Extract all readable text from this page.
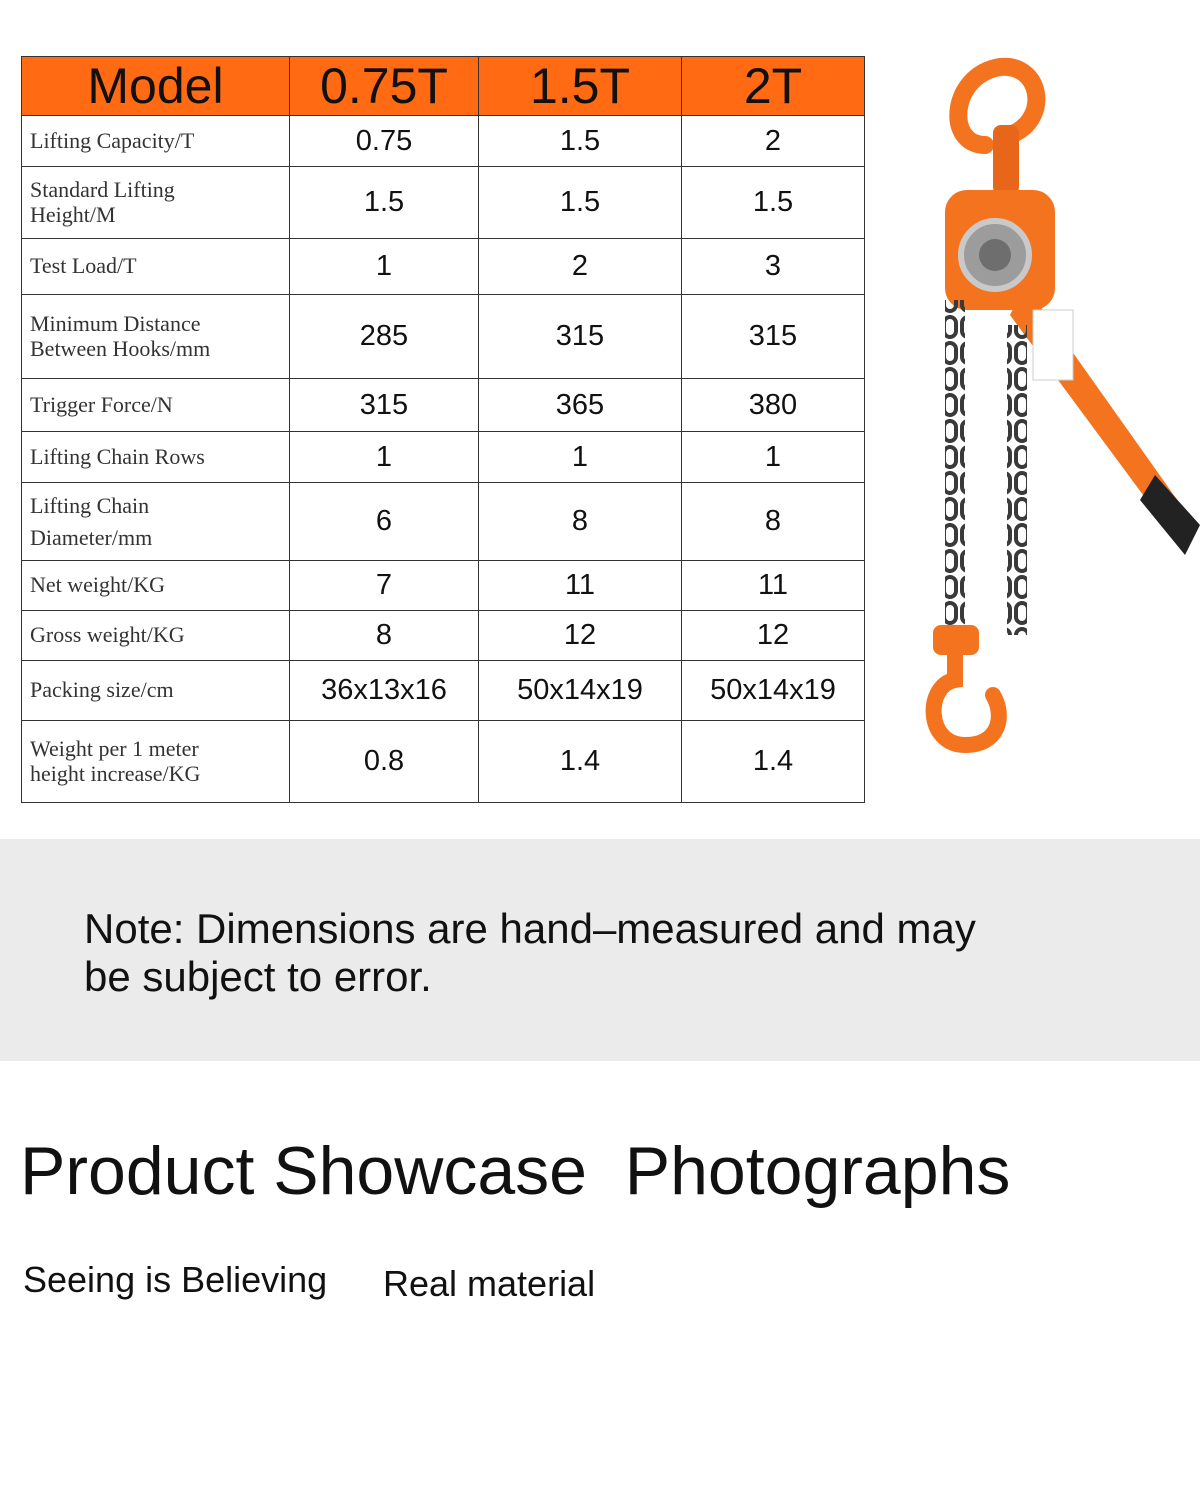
Model	0.75T	1.5T	2T
Lifting Capacity/T	0.75	1.5	2
Standard Lifting Height/M	1.5	1.5	1.5
Test Load/T	1	2	3
Minimum Distance Between Hooks/mm	285	315	315
Trigger Force/N	315	365	380
Lifting Chain Rows	1	1	1
Lifting Chain Diameter/mm	6	8	8
Net weight/KG	7	11	11
Gross weight/KG	8	12	12
Packing size/cm	36x13x16	50x14x19	50x14x19
Weight per 1 meter height increase/KG	0.8	1.4	1.4
Note: Dimensions are hand–measured and may be subject to error.
Product Showcase  Photographs
Seeing is Believing Real material
